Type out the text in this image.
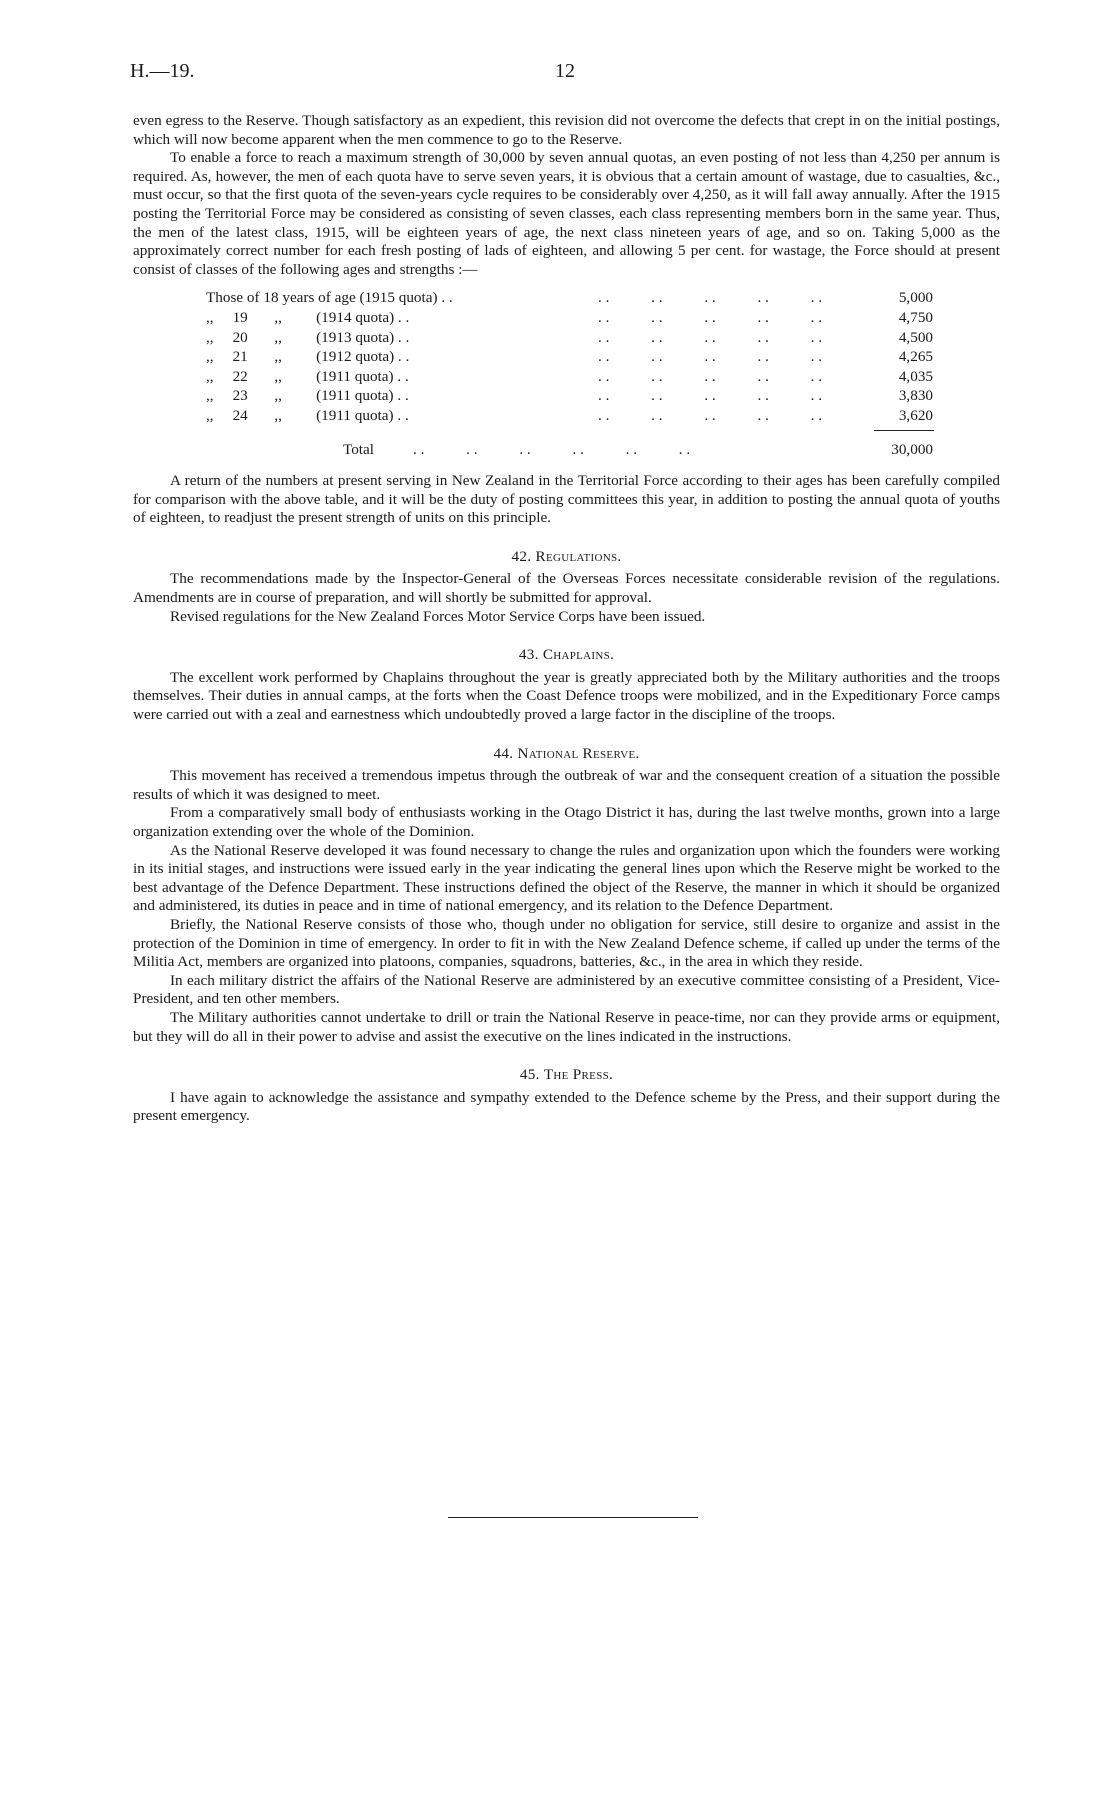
H.—19.	12

even egress to the Reserve. Though satisfactory as an expedient, this revision did not overcome the defects that crept in on the initial postings, which will now become apparent when the men commence to go to the Reserve.

To enable a force to reach a maximum strength of 30,000 by seven annual quotas, an even posting of not less than 4,250 per annum is required. As, however, the men of each quota have to serve seven years, it is obvious that a certain amount of wastage, due to casualties, &c., must occur, so that the first quota of the seven-years cycle requires to be considerably over 4,250, as it will fall away annually. After the 1915 posting the Territorial Force may be considered as consisting of seven classes, each class representing members born in the same year. Thus, the men of the latest class, 1915, will be eighteen years of age, the next class nineteen years of age, and so on. Taking 5,000 as the approximately correct number for each fresh posting of lads of eighteen, and allowing 5 per cent. for wastage, the Force should at present consist of classes of the following ages and strengths :—

Those of 18 years of age (1915 quota) . .	. .           . .           . .           . .           . .	5,000
,,     19       ,,         (1914 quota) . .	. .           . .           . .           . .           . .	4,750
,,     20       ,,         (1913 quota) . .	. .           . .           . .           . .           . .	4,500
,,     21       ,,         (1912 quota) . .	. .           . .           . .           . .           . .	4,265
,,     22       ,,         (1911 quota) . .	. .           . .           . .           . .           . .	4,035
,,     23       ,,         (1911 quota) . .	. .           . .           . .           . .           . .	3,830
,,     24       ,,         (1911 quota) . .	. .           . .           . .           . .           . .	3,620
Total	. .           . .           . .           . .           . .           . .	30,000

A return of the numbers at present serving in New Zealand in the Territorial Force according to their ages has been carefully compiled for comparison with the above table, and it will be the duty of posting committees this year, in addition to posting the annual quota of youths of eighteen, to readjust the present strength of units on this principle.

42. Regulations.

The recommendations made by the Inspector-General of the Overseas Forces necessitate considerable revision of the regulations. Amendments are in course of preparation, and will shortly be submitted for approval.

Revised regulations for the New Zealand Forces Motor Service Corps have been issued.

43. Chaplains.

The excellent work performed by Chaplains throughout the year is greatly appreciated both by the Military authorities and the troops themselves. Their duties in annual camps, at the forts when the Coast Defence troops were mobilized, and in the Expeditionary Force camps were carried out with a zeal and earnestness which undoubtedly proved a large factor in the discipline of the troops.

44. National Reserve.

This movement has received a tremendous impetus through the outbreak of war and the consequent creation of a situation the possible results of which it was designed to meet.

From a comparatively small body of enthusiasts working in the Otago District it has, during the last twelve months, grown into a large organization extending over the whole of the Dominion.

As the National Reserve developed it was found necessary to change the rules and organization upon which the founders were working in its initial stages, and instructions were issued early in the year indicating the general lines upon which the Reserve might be worked to the best advantage of the Defence Department. These instructions defined the object of the Reserve, the manner in which it should be organized and administered, its duties in peace and in time of national emergency, and its relation to the Defence Department.

Briefly, the National Reserve consists of those who, though under no obligation for service, still desire to organize and assist in the protection of the Dominion in time of emergency. In order to fit in with the New Zealand Defence scheme, if called up under the terms of the Militia Act, members are organized into platoons, companies, squadrons, batteries, &c., in the area in which they reside.

In each military district the affairs of the National Reserve are administered by an executive committee consisting of a President, Vice-President, and ten other members.

The Military authorities cannot undertake to drill or train the National Reserve in peace-time, nor can they provide arms or equipment, but they will do all in their power to advise and assist the executive on the lines indicated in the instructions.

45. The Press.

I have again to acknowledge the assistance and sympathy extended to the Defence scheme by the Press, and their support during the present emergency.
